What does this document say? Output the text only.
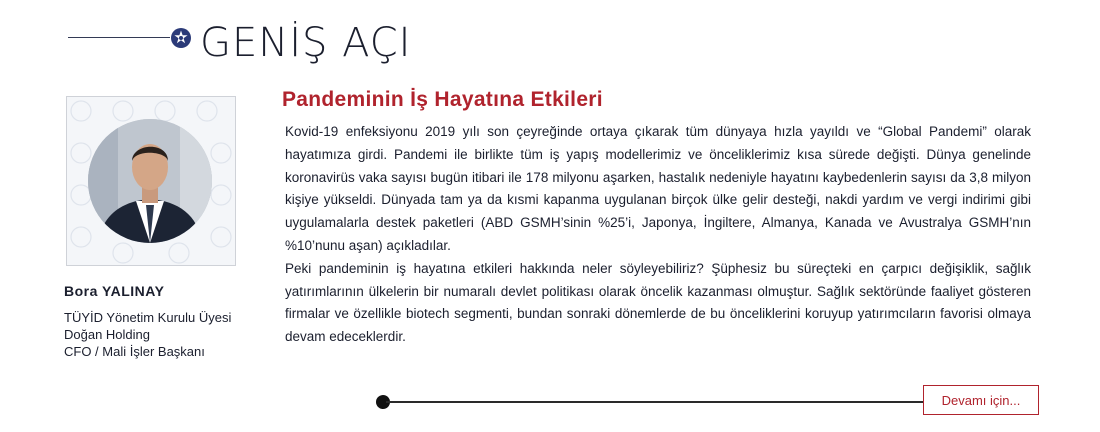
GENİŞ AÇI
Bora YALINAY

TÜYİD Yönetim Kurulu Üyesi
Doğan Holding
CFO / Mali İşler Başkanı

Pandeminin İş Hayatına Etkileri

Kovid-19 enfeksiyonu 2019 yılı son çeyreğinde ortaya çıkarak tüm dünyaya hızla yayıldı ve “Global Pandemi” olarak hayatımıza girdi. Pandemi ile birlikte tüm iş yapış modellerimiz ve önceliklerimiz kısa sürede değişti. Dünya genelinde koronavirüs vaka sayısı bugün itibari ile 178 milyonu aşarken, hastalık nedeniyle hayatını kaybedenlerin sayısı da 3,8 milyon kişiye yükseldi. Dünyada tam ya da kısmi kapanma uygulanan birçok ülke gelir desteği, nakdi yardım ve vergi indirimi gibi uygulamalarla destek paketleri (ABD GSMH’sinin %25’i, Japonya, İngiltere, Almanya, Kanada ve Avustralya GSMH’nın %10’nunu aşan) açıkladılar.

Peki pandeminin iş hayatına etkileri hakkında neler söyleyebiliriz? Şüphesiz bu süreçteki en çarpıcı değişiklik, sağlık yatırımlarının ülkelerin bir numaralı devlet politikası olarak öncelik kazanması olmuştur. Sağlık sektöründe faaliyet gösteren firmalar ve özellikle biotech segmenti, bundan sonraki dönemlerde de bu önceliklerini koruyup yatırımcıların favorisi olmaya devam edeceklerdir.

Devamı için...
